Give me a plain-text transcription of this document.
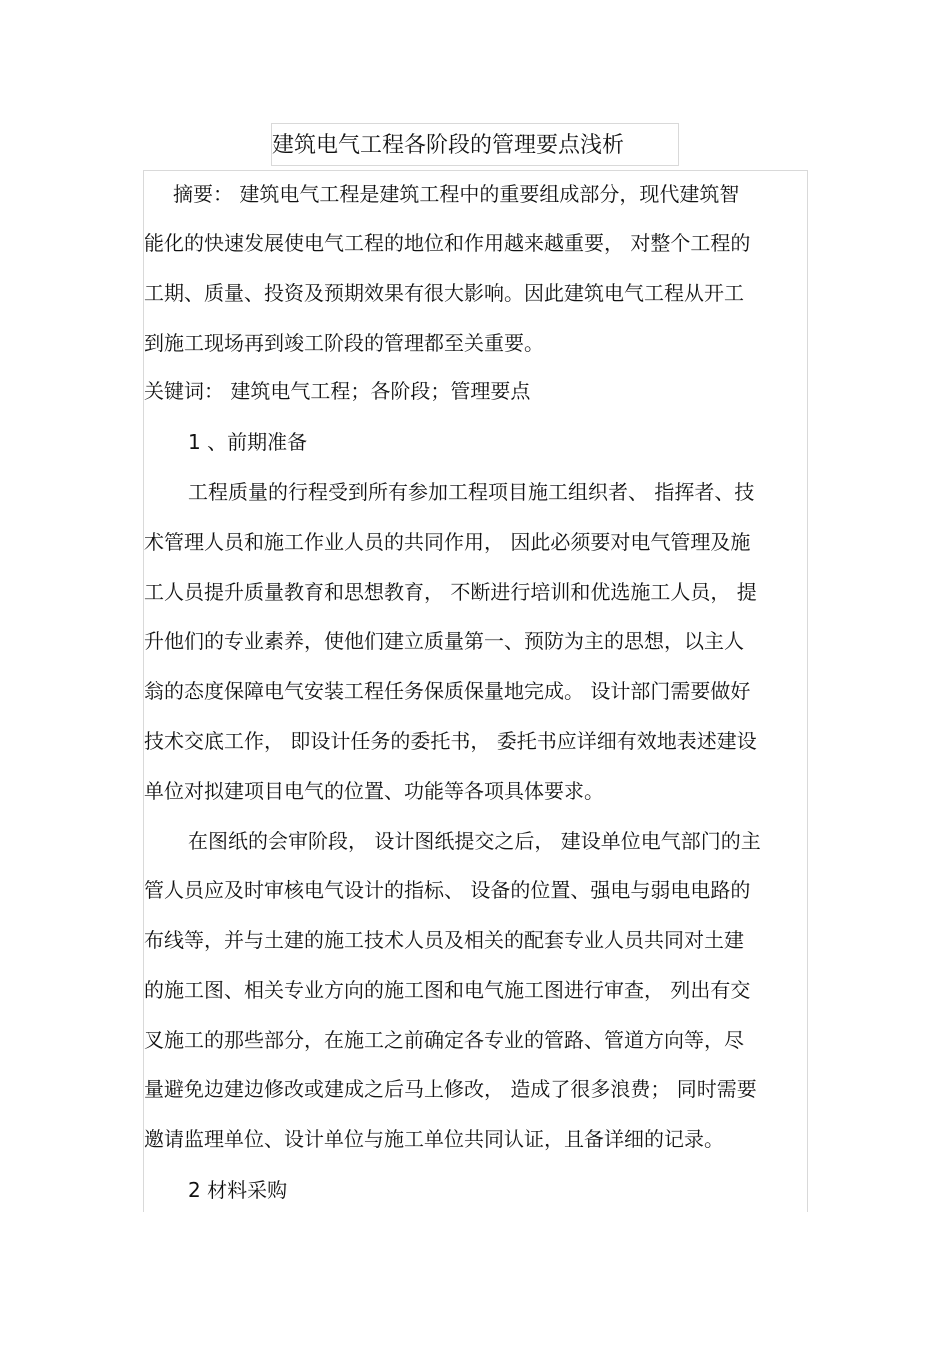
建筑电气工程各阶段的管理要点浅析
摘要： 建筑电气工程是建筑工程中的重要组成部分，现代建筑智
能化的快速发展使电气工程的地位和作用越来越重要， 对整个工程的
工期、质量、投资及预期效果有很大影响。因此建筑电气工程从开工
到施工现场再到竣工阶段的管理都至关重要。
关键词： 建筑电气工程；各阶段；管理要点
1 、前期准备
工程质量的行程受到所有参加工程项目施工组织者、 指挥者、技
术管理人员和施工作业人员的共同作用， 因此必须要对电气管理及施
工人员提升质量教育和思想教育， 不断进行培训和优选施工人员， 提
升他们的专业素养，使他们建立质量第一、预防为主的思想，以主人
翁的态度保障电气安装工程任务保质保量地完成。 设计部门需要做好
技术交底工作， 即设计任务的委托书， 委托书应详细有效地表述建设
单位对拟建项目电气的位置、功能等各项具体要求。
在图纸的会审阶段， 设计图纸提交之后， 建设单位电气部门的主
管人员应及时审核电气设计的指标、 设备的位置、强电与弱电电路的
布线等，并与土建的施工技术人员及相关的配套专业人员共同对土建
的施工图、相关专业方向的施工图和电气施工图进行审查， 列出有交
叉施工的那些部分，在施工之前确定各专业的管路、管道方向等，尽
量避免边建边修改或建成之后马上修改， 造成了很多浪费； 同时需要
邀请监理单位、设计单位与施工单位共同认证，且备详细的记录。
2 材料采购
